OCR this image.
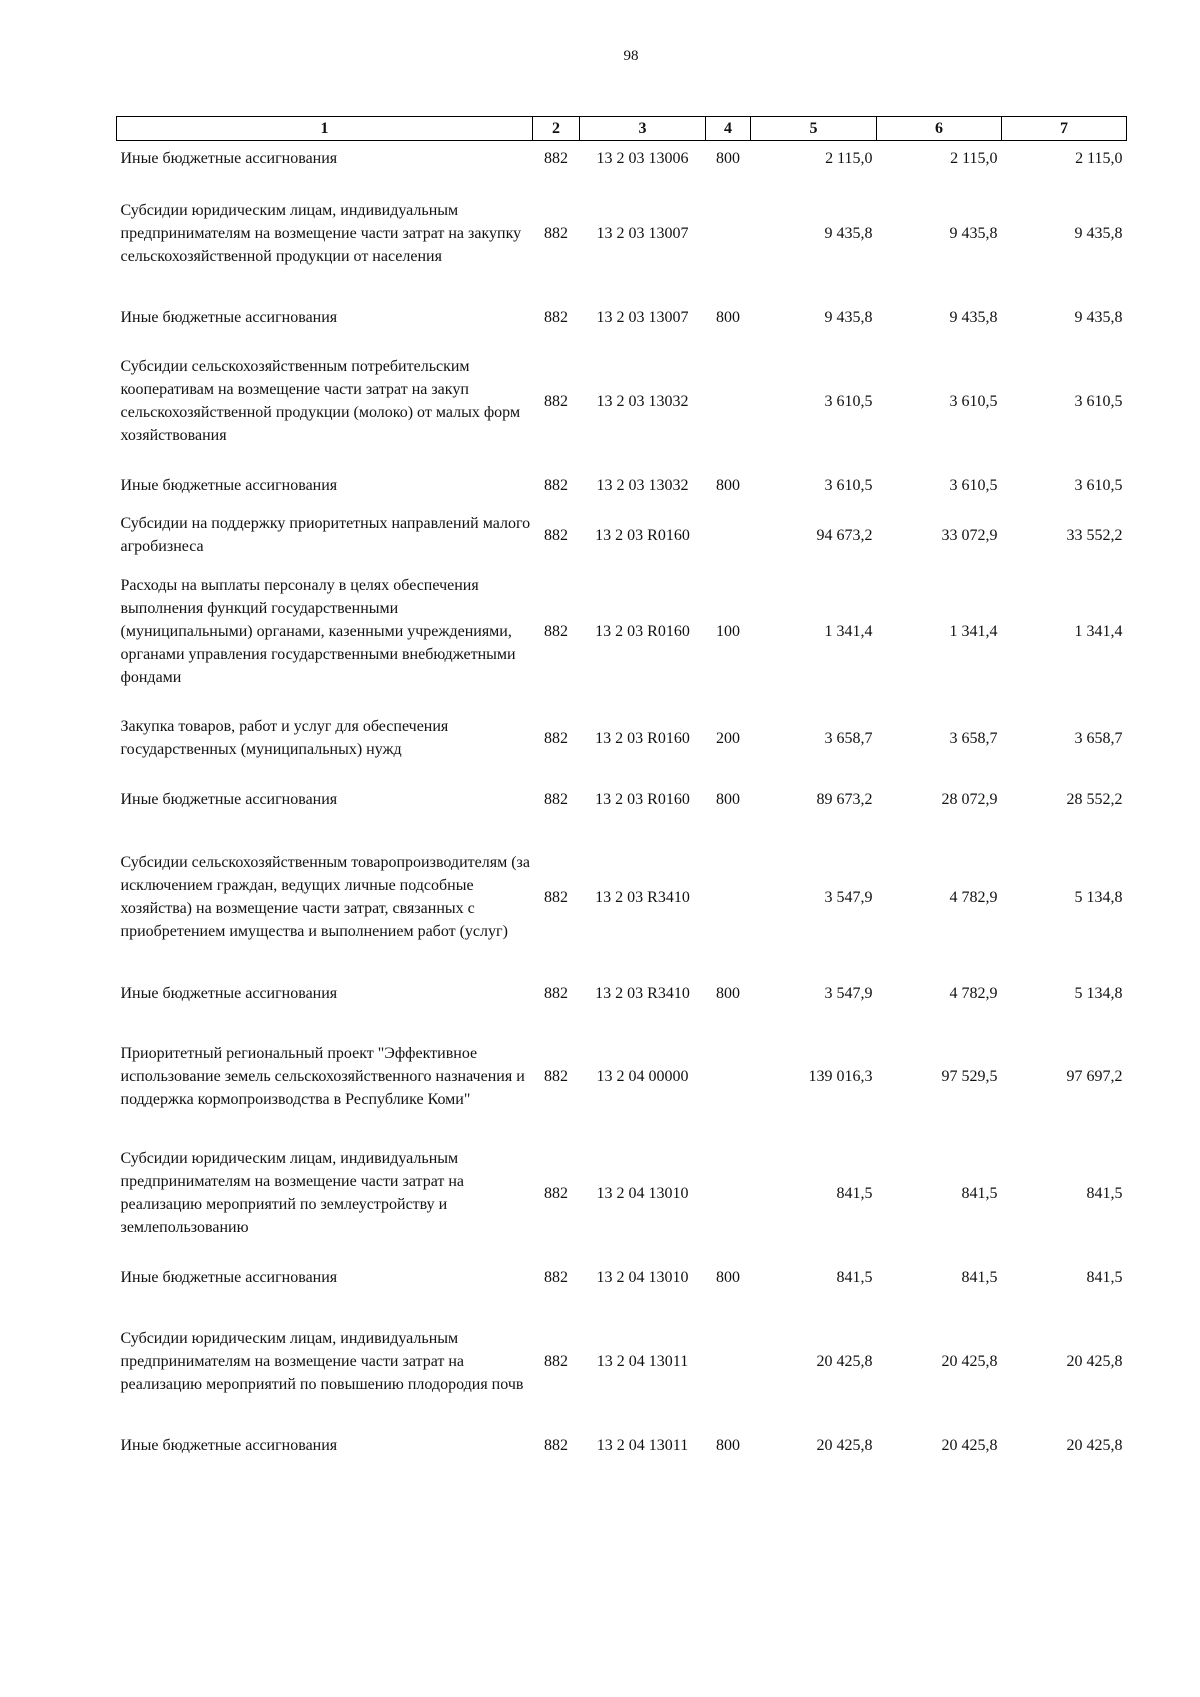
98
1	2	3	4	5	6	7
Иные бюджетные ассигнования	882	13 2 03 13006	800	2 115,0	2 115,0	2 115,0
Субсидии юридическим лицам, индивидуальным предпринимателям на возмещение части затрат на закупку сельскохозяйственной продукции от населения	882	13 2 03 13007		9 435,8	9 435,8	9 435,8
Иные бюджетные ассигнования	882	13 2 03 13007	800	9 435,8	9 435,8	9 435,8
Субсидии сельскохозяйственным потребительским кооперативам на возмещение части затрат на закуп сельскохозяйственной продукции (молоко) от малых форм хозяйствования	882	13 2 03 13032		3 610,5	3 610,5	3 610,5
Иные бюджетные ассигнования	882	13 2 03 13032	800	3 610,5	3 610,5	3 610,5
Субсидии на поддержку приоритетных направлений малого агробизнеса	882	13 2 03 R0160		94 673,2	33 072,9	33 552,2
Расходы на выплаты персоналу в целях обеспечения выполнения функций государственными (муниципальными) органами, казенными учреждениями, органами управления государственными внебюджетными фондами	882	13 2 03 R0160	100	1 341,4	1 341,4	1 341,4
Закупка товаров, работ и услуг для обеспечения государственных (муниципальных) нужд	882	13 2 03 R0160	200	3 658,7	3 658,7	3 658,7
Иные бюджетные ассигнования	882	13 2 03 R0160	800	89 673,2	28 072,9	28 552,2
Субсидии сельскохозяйственным товаропроизводителям (за исключением граждан, ведущих личные подсобные хозяйства) на возмещение части затрат, связанных с приобретением имущества и выполнением работ (услуг)	882	13 2 03 R3410		3 547,9	4 782,9	5 134,8
Иные бюджетные ассигнования	882	13 2 03 R3410	800	3 547,9	4 782,9	5 134,8
Приоритетный региональный проект "Эффективное использование земель сельскохозяйственного назначения и поддержка кормопроизводства в Республике Коми"	882	13 2 04 00000		139 016,3	97 529,5	97 697,2
Субсидии юридическим лицам, индивидуальным предпринимателям на возмещение части затрат на реализацию мероприятий по землеустройству и землепользованию	882	13 2 04 13010		841,5	841,5	841,5
Иные бюджетные ассигнования	882	13 2 04 13010	800	841,5	841,5	841,5
Субсидии юридическим лицам, индивидуальным предпринимателям на возмещение части затрат на реализацию мероприятий по повышению плодородия почв	882	13 2 04 13011		20 425,8	20 425,8	20 425,8
Иные бюджетные ассигнования	882	13 2 04 13011	800	20 425,8	20 425,8	20 425,8
